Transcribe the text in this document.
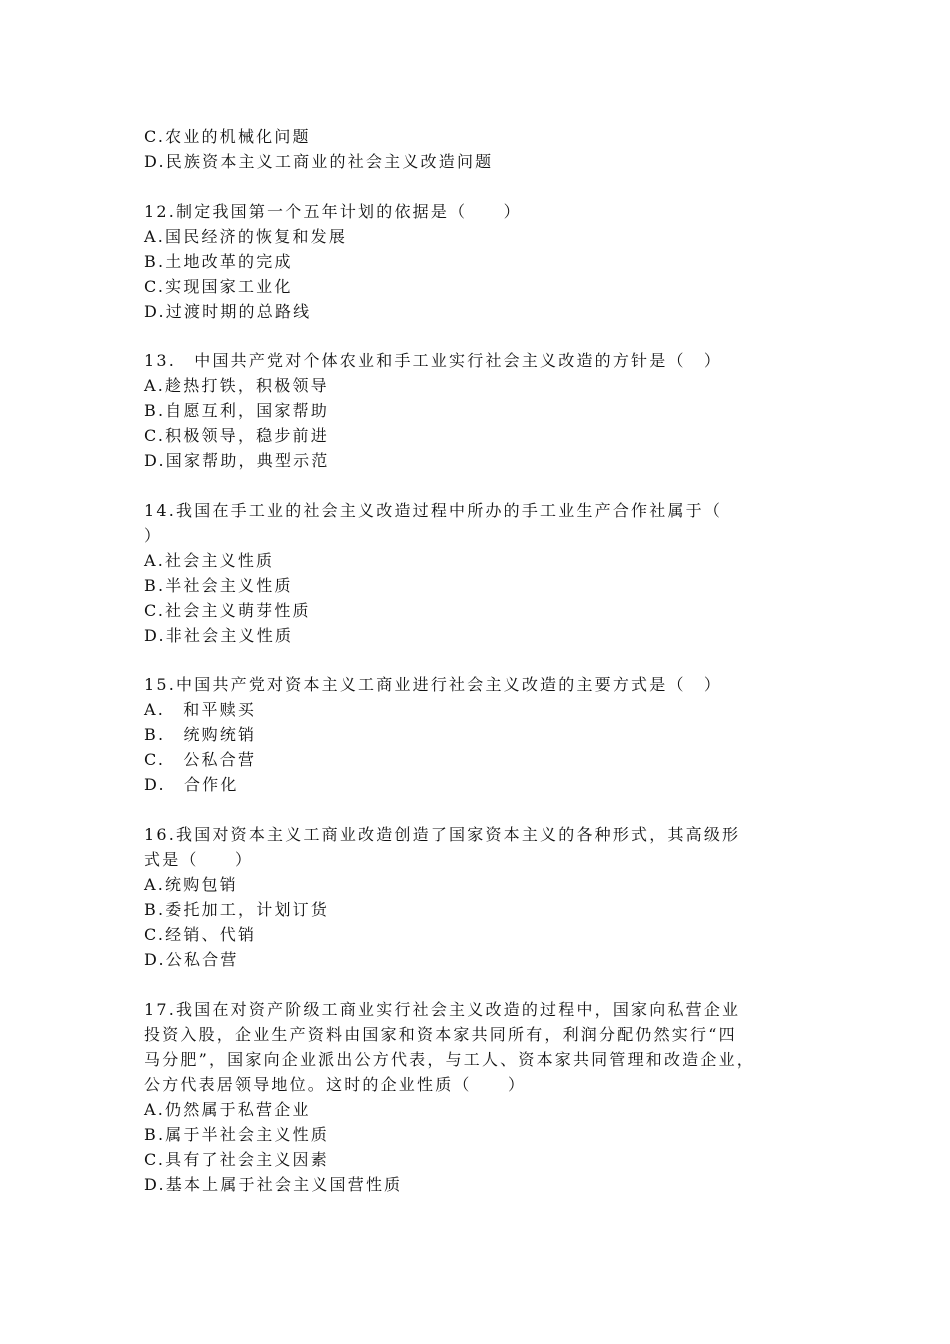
C.农业的机械化问题
D.民族资本主义工商业的社会主义改造问题
12.制定我国第一个五年计划的依据是（　　）
A.国民经济的恢复和发展
B.土地改革的完成
C.实现国家工业化
D.过渡时期的总路线
13.　中国共产党对个体农业和手工业实行社会主义改造的方针是（　）
A.趁热打铁，积极领导
B.自愿互利，国家帮助
C.积极领导，稳步前进
D.国家帮助，典型示范
14.我国在手工业的社会主义改造过程中所办的手工业生产合作社属于（
）
A.社会主义性质
B.半社会主义性质
C.社会主义萌芽性质
D.非社会主义性质
15.中国共产党对资本主义工商业进行社会主义改造的主要方式是（　）
A.　和平赎买
B.　统购统销
C.　公私合营
D.　合作化
16.我国对资本主义工商业改造创造了国家资本主义的各种形式，其高级形
式是（　　）
A.统购包销
B.委托加工，计划订货
C.经销、代销
D.公私合营
17.我国在对资产阶级工商业实行社会主义改造的过程中，国家向私营企业
投资入股，企业生产资料由国家和资本家共同所有，利润分配仍然实行“四
马分肥”，国家向企业派出公方代表，与工人、资本家共同管理和改造企业，
公方代表居领导地位。这时的企业性质（　　）
A.仍然属于私营企业
B.属于半社会主义性质
C.具有了社会主义因素
D.基本上属于社会主义国营性质
